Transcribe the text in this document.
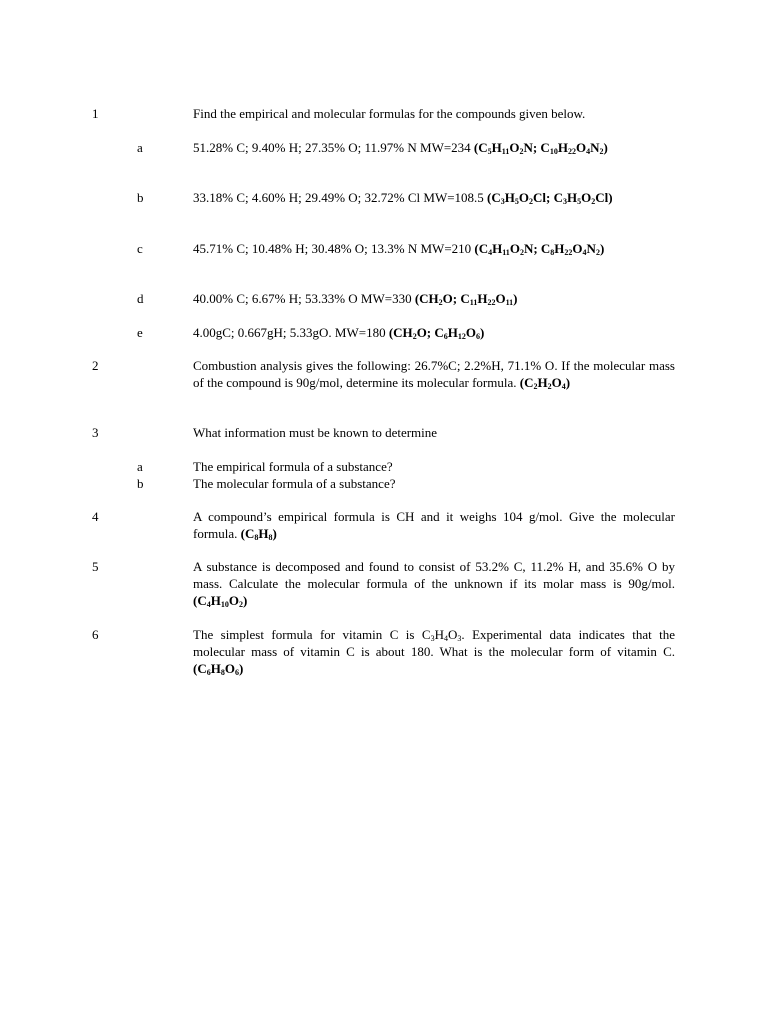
1	Find the empirical and molecular formulas for the compounds given below.
a	51.28% C; 9.40% H; 27.35% O; 11.97% N MW=234 ($C_5H_{11}O_2N$; $C_{10}H_{22}O_4N_2$)
b	33.18% C; 4.60% H; 29.49% O; 32.72% Cl MW=108.5 ($C_3H_5O_2Cl$; $C_3H_5O_2Cl$)
c	45.71% C; 10.48% H; 30.48% O; 13.3% N MW=210 ($C_4H_{11}O_2N$; $C_8H_{22}O_4N_2$)
d	40.00% C; 6.67% H; 53.33% O MW=330 ($CH_2O$; $C_{11}H_{22}O_{11}$)
e	4.00gC; 0.667gH; 5.33gO. MW=180 ($CH_2O$; $C_6H_{12}O_6$)
2	Combustion analysis gives the following: 26.7%C; 2.2%H, 71.1% O. If the molecular mass of the compound is 90g/mol, determine its molecular formula. $(C_2H_2O_4)$
3	What information must be known to determine
a	The empirical formula of a substance?
b	The molecular formula of a substance?
4	A compound’s empirical formula is CH and it weighs 104 g/mol. Give the molecular formula. $(C_8H_8)$
5	A substance is decomposed and found to consist of 53.2% C, 11.2% H, and 35.6% O by mass. Calculate the molecular formula of the unknown if its molar mass is 90g/mol. $(C_4H_{10}O_2)$
6	The simplest formula for vitamin C is $C_3H_4O_3$. Experimental data indicates that the molecular mass of vitamin C is about 180. What is the molecular form of vitamin C. $(C_6H_8O_6)$
